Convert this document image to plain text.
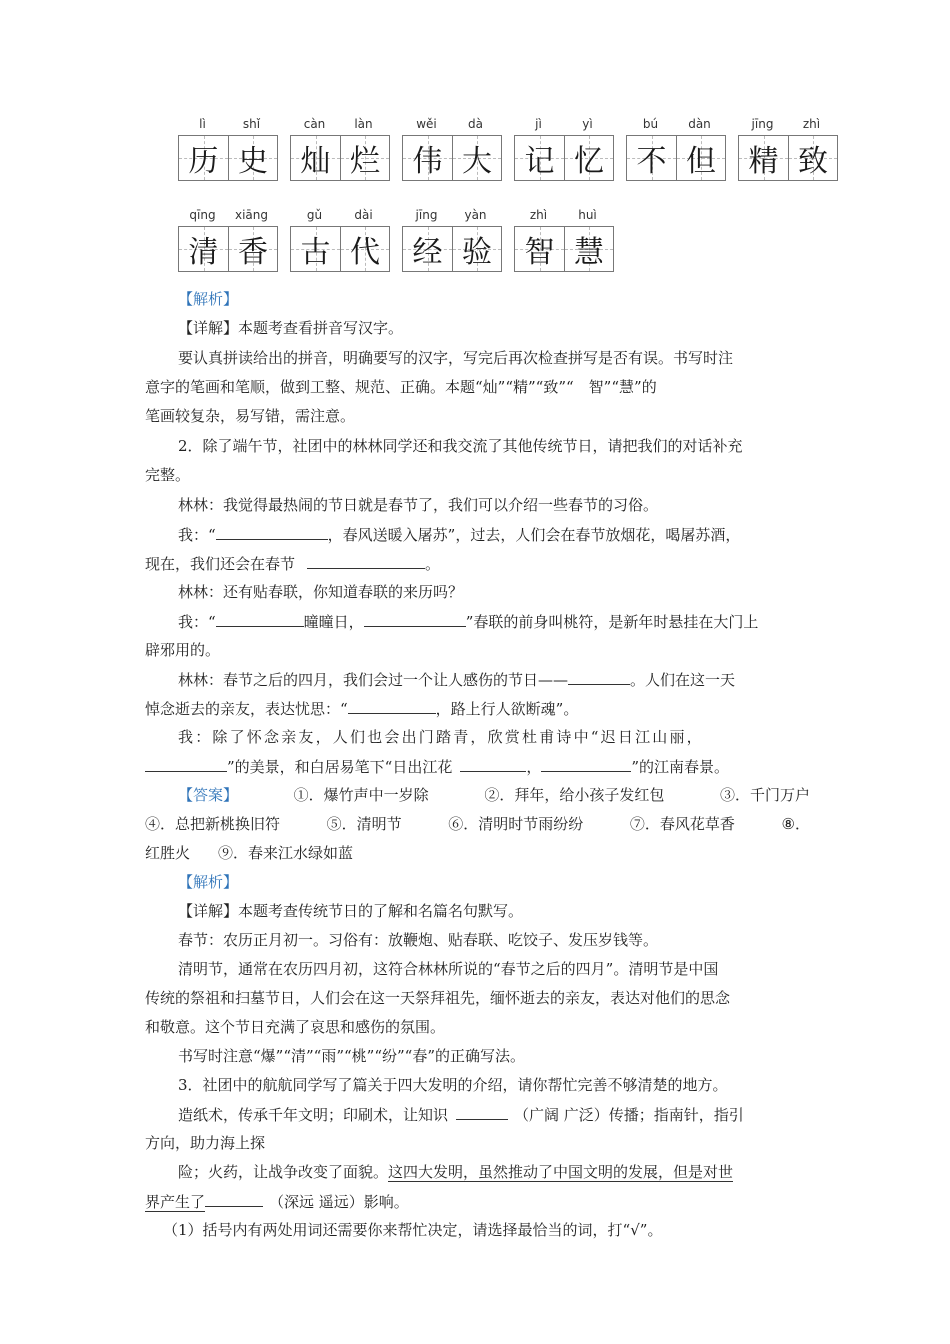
lì	shǐ
历 史
càn	làn
灿 烂
wěi	dà
伟 大
jì	yì
记 忆
bú	dàn
不 但
jīng	zhì
精 致
qīng	xiāng
清 香
gǔ	dài
古 代
jīng	yàn
经 验
zhì	huì
智 慧
【解析】
【详解】本题考查看拼音写汉字。
要认真拼读给出的拼音，明确要写的汉字，写完后再次检查拼写是否有误。书写时注
意字的笔画和笔顺，做到工整、规范、正确。本题“灿”“精”“致”“　智”“慧”的
笔画较复杂，易写错，需注意。
2．除了端午节，社团中的林林同学还和我交流了其他传统节日，请把我们的对话补充
完整。
林林：我觉得最热闹的节日就是春节了，我们可以介绍一些春节的习俗。
我：“	，春风送暖入屠苏”，过去，人们会在春节放烟花，喝屠苏酒，
现在，我们还会在春节	。
林林：还有贴春联，你知道春联的来历吗？
我：“	曈曈日，	”春联的前身叫桃符，是新年时悬挂在大门上
辟邪用的。
林林：春节之后的四月，我们会过一个让人感伤的节日——	。人们在这一天
悼念逝去的亲友，表达忧思：“	，路上行人欲断魂”。
我：除了怀念亲友，人们也会出门踏青，欣赏杜甫诗中“迟日江山丽，
”的美景，和白居易笔下“日出江花	，	”的江南春景。
【答案】	①．爆竹声中一岁除	②．拜年，给小孩子发红包	③．千门万户
④．总把新桃换旧符	⑤．清明节	⑥．清明时节雨纷纷	⑦．春风花草香	⑧．
红胜火 ⑨．春来江水绿如蓝
【解析】
【详解】本题考查传统节日的了解和名篇名句默写。
春节：农历正月初一。习俗有：放鞭炮、贴春联、吃饺子、发压岁钱等。
清明节，通常在农历四月初，这符合林林所说的“春节之后的四月”。清明节是中国
传统的祭祖和扫墓节日，人们会在这一天祭拜祖先，缅怀逝去的亲友，表达对他们的思念
和敬意。这个节日充满了哀思和感伤的氛围。
书写时注意“爆”“清”“雨”“桃”“纷”“春”的正确写法。
3．社团中的航航同学写了篇关于四大发明的介绍，请你帮忙完善不够清楚的地方。
造纸术，传承千年文明；印刷术，让知识	（广阔 广泛）传播；指南针，指引
方向，助力海上探
险；火药，让战争改变了面貌。这四大发明，虽然推动了中国文明的发展，但是对世
界产生了	（深远 遥远）影响。
（1）括号内有两处用词还需要你来帮忙决定，请选择最恰当的词，打“√”。
